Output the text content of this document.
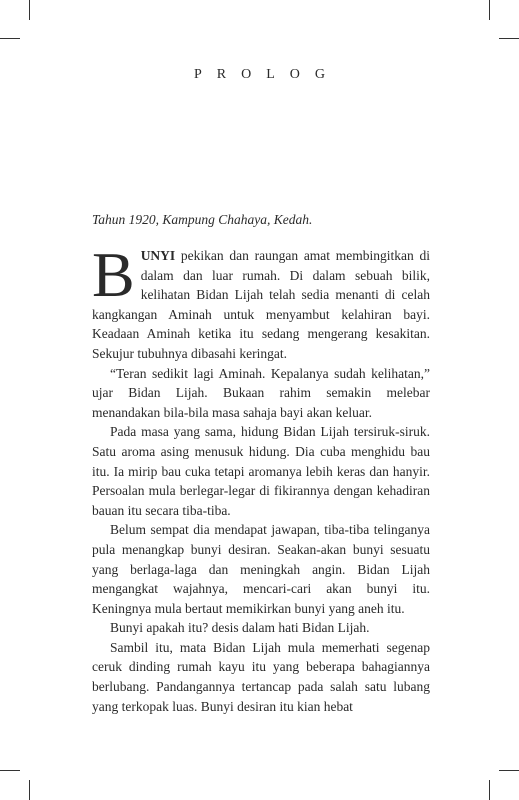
PROLOG
Tahun 1920, Kampung Chahaya, Kedah.

BUNYI pekikan dan raungan amat membingitkan di dalam dan luar rumah. Di dalam sebuah bilik, kelihatan Bidan Lijah telah sedia menanti di celah kangkangan Aminah untuk menyambut kelahiran bayi. Keadaan Aminah ketika itu sedang mengerang kesakitan. Sekujur tubuhnya dibasahi keringat.

“Teran sedikit lagi Aminah. Kepalanya sudah kelihatan,” ujar Bidan Lijah. Bukaan rahim semakin melebar menandakan bila-bila masa sahaja bayi akan keluar.

Pada masa yang sama, hidung Bidan Lijah tersiruk-siruk. Satu aroma asing menusuk hidung. Dia cuba menghidu bau itu. Ia mirip bau cuka tetapi aromanya lebih keras dan hanyir. Persoalan mula berlegar-legar di fikirannya dengan kehadiran bauan itu secara tiba-tiba.

Belum sempat dia mendapat jawapan, tiba-tiba telinganya pula menangkap bunyi desiran. Seakan-akan bunyi sesuatu yang berlaga-laga dan meningkah angin. Bidan Lijah mengangkat wajahnya, mencari-cari akan bunyi itu. Keningnya mula bertaut memikirkan bunyi yang aneh itu.

Bunyi apakah itu? desis dalam hati Bidan Lijah.

Sambil itu, mata Bidan Lijah mula memerhati segenap ceruk dinding rumah kayu itu yang beberapa bahagiannya berlubang. Pandangannya tertancap pada salah satu lubang yang terkopak luas. Bunyi desiran itu kian hebat
